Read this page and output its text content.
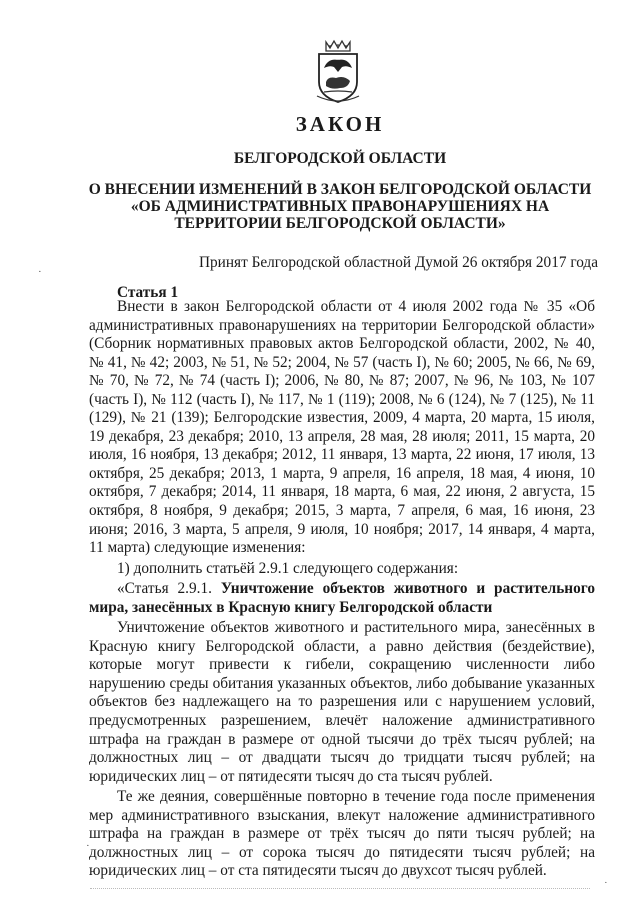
ЗАКОН
БЕЛГОРОДСКОЙ ОБЛАСТИ
О ВНЕСЕНИИ ИЗМЕНЕНИЙ В ЗАКОН БЕЛГОРОДСКОЙ ОБЛАСТИ
«ОБ АДМИНИСТРАТИВНЫХ ПРАВОНАРУШЕНИЯХ НА
ТЕРРИТОРИИ БЕЛГОРОДСКОЙ ОБЛАСТИ»
Принят Белгородской областной Думой 26 октября 2017 года
Статья 1

Внести в закон Белгородской области от 4 июля 2002 года № 35 «Об административных правонарушениях на территории Белгородской области» (Сборник нормативных правовых актов Белгородской области, 2002, № 40, № 41, № 42; 2003, № 51, № 52; 2004, № 57 (часть I), № 60; 2005, № 66, № 69, № 70, № 72, № 74 (часть I); 2006, № 80, № 87; 2007, № 96, № 103, № 107 (часть I), № 112 (часть I), № 117, № 1 (119); 2008, № 6 (124), № 7 (125), № 11 (129), № 21 (139); Белгородские известия, 2009, 4 марта, 20 марта, 15 июля, 19 декабря, 23 декабря; 2010, 13 апреля, 28 мая, 28 июля; 2011, 15 марта, 20 июля, 16 ноября, 13 декабря; 2012, 11 января, 13 марта, 22 июня, 17 июля, 13 октября, 25 декабря; 2013, 1 марта, 9 апреля, 16 апреля, 18 мая, 4 июня, 10 октября, 7 декабря; 2014, 11 января, 18 марта, 6 мая, 22 июня, 2 августа, 15 октября, 8 ноября, 9 декабря; 2015, 3 марта, 7 апреля, 6 мая, 16 июня, 23 июня; 2016, 3 марта, 5 апреля, 9 июля, 10 ноября; 2017, 14 января, 4 марта, 11 марта) следующие изменения:

1) дополнить статьёй 2.9.1 следующего содержания:

«Статья 2.9.1. Уничтожение объектов животного и растительного мира, занесённых в Красную книгу Белгородской области

Уничтожение объектов животного и растительного мира, занесённых в Красную книгу Белгородской области, а равно действия (бездействие), которые могут привести к гибели, сокращению численности либо нарушению среды обитания указанных объектов, либо добывание указанных объектов без надлежащего на то разрешения или с нарушением условий, предусмотренных разрешением, влечёт наложение административного штрафа на граждан в размере от одной тысячи до трёх тысяч рублей; на должностных лиц – от двадцати тысяч до тридцати тысяч рублей; на юридических лиц – от пятидесяти тысяч до ста тысяч рублей.

Те же деяния, совершённые повторно в течение года после применения мер административного взыскания, влекут наложение административного штрафа на граждан в размере от трёх тысяч до пяти тысяч рублей; на должностных лиц – от сорока тысяч до пятидесяти тысяч рублей; на юридических лиц – от ста пятидесяти тысяч до двухсот тысяч рублей.

·
·
˙
